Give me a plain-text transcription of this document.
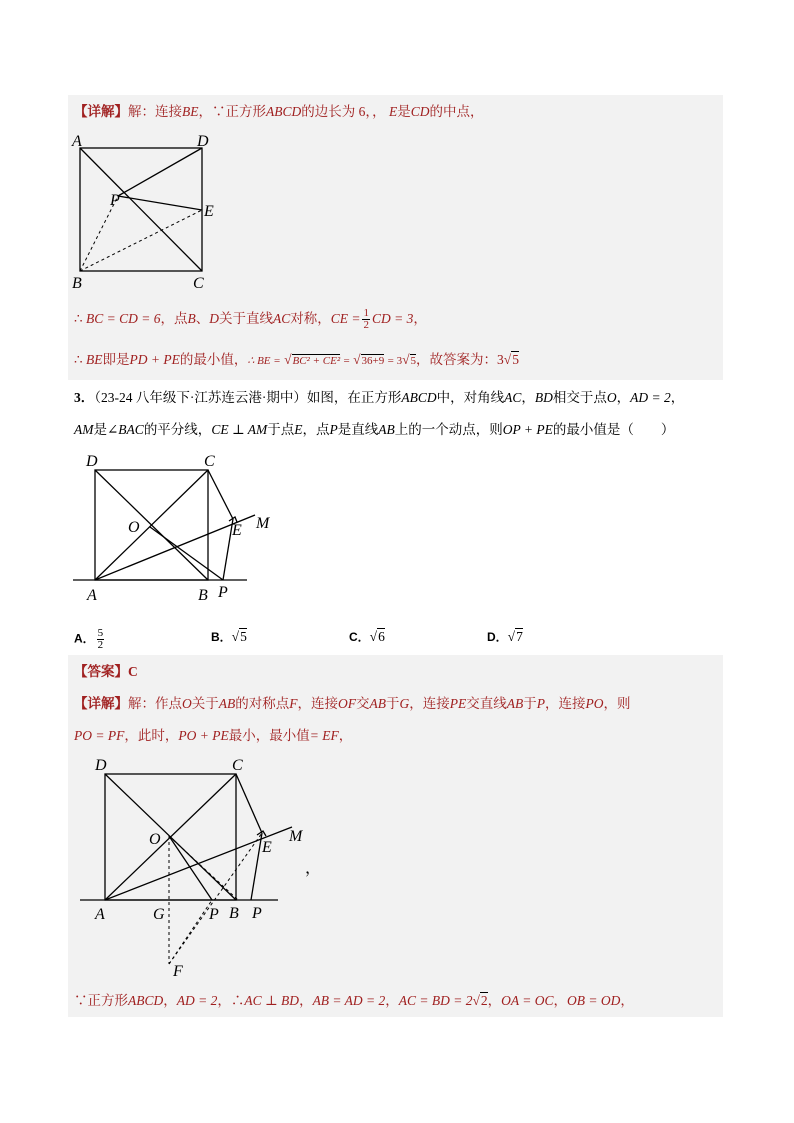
【详解】解：连接BE，∵正方形ABCD的边长为 6，， E是CD的中点，
A	D
P
E
B	C
∴ BC = CD = 6，点B、D关于直线AC对称，CE = $\frac{1}{2}$ CD = 3，
∴ BE即是PD + PE的最小值，∴ BE = √BC² + CE² = √36+9 = 3√5，故答案为：3√5
3．（23-24 八年级下·江苏连云港·期中）如图，在正方形ABCD中，对角线AC，BD相交于点O，AD = 2，
AM是∠BAC的平分线，CE ⊥ AM于点E，点P是直线AB上的一个动点，则OP + PE的最小值是（　　）
D	C
O	E M
A	B P
A． $\frac{5}{2}$	B．√5	C．√6	D．√7
【答案】C
【详解】解：作点O关于AB的对称点F，连接OF交AB于G，连接PE交直线AB于P，连接PO，则
PO = PF，此时，PO + PE最小，最小值= EF，
D	C
O	E
M
A	G	P B P
F
，
∵正方形ABCD，AD = 2，∴AC ⊥ BD，AB = AD = 2，AC = BD = 2√2，OA = OC，OB = OD，
